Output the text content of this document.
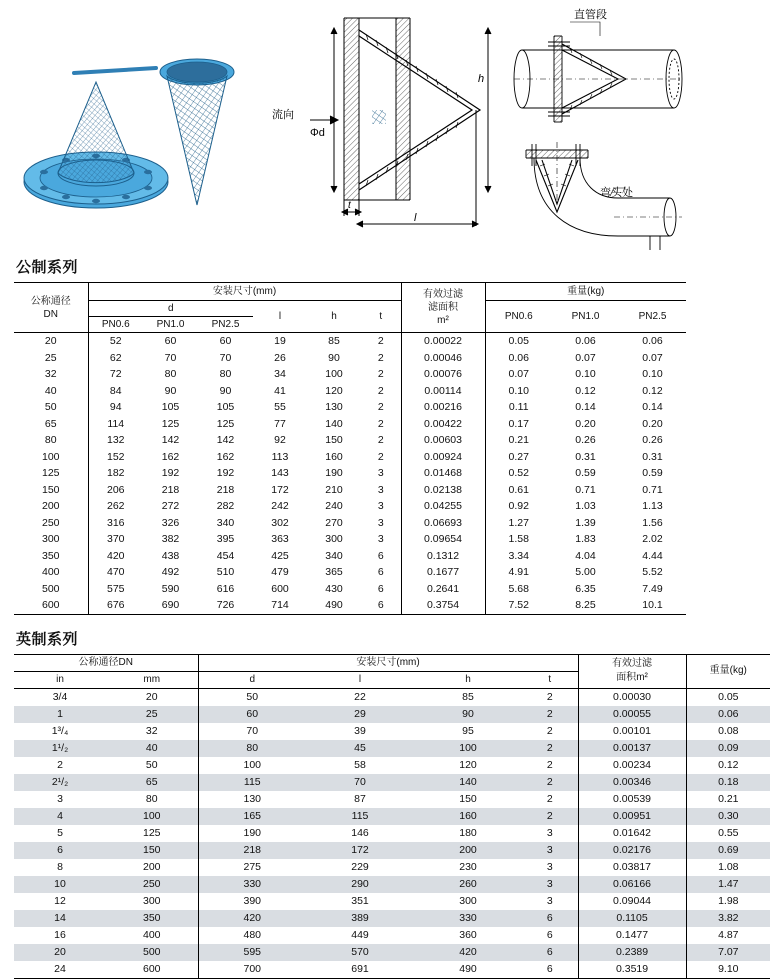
流向
Φd
h
t
l
直管段
弯头处
公制系列
公称通径
DN
	安装尺寸(mm)	有效过滤
滤面积
m²
	重量(kg)
	d			l	h	t		PN0.6	PN1.0	PN2.5
	PN0.6	PN1.0	PN2.5							

20	52	60	60	19	85	2	0.00022	0.05	0.06	0.06
25	62	70	70	26	90	2	0.00046	0.06	0.07	0.07
32	72	80	80	34	100	2	0.00076	0.07	0.10	0.10
40	84	90	90	41	120	2	0.00114	0.10	0.12	0.12
50	94	105	105	55	130	2	0.00216	0.11	0.14	0.14
65	114	125	125	77	140	2	0.00422	0.17	0.20	0.20
80	132	142	142	92	150	2	0.00603	0.21	0.26	0.26
100	152	162	162	113	160	2	0.00924	0.27	0.31	0.31
125	182	192	192	143	190	3	0.01468	0.52	0.59	0.59
150	206	218	218	172	210	3	0.02138	0.61	0.71	0.71
200	262	272	282	242	240	3	0.04255	0.92	1.03	1.13
250	316	326	340	302	270	3	0.06693	1.27	1.39	1.56
300	370	382	395	363	300	3	0.09654	1.58	1.83	2.02
350	420	438	454	425	340	6	0.1312	3.34	4.04	4.44
400	470	492	510	479	365	6	0.1677	4.91	5.00	5.52
500	575	590	616	600	430	6	0.2641	5.68	6.35	7.49
600	676	690	726	714	490	6	0.3754	7.52	8.25	10.1
英制系列
公称通径DN		安装尺寸(mm)				有效过滤
面积m²	重量(kg)
in	mm	d	l	h	t		

3/4	20	50	22	85	2	0.00030	0.05
1	25	60	29	90	2	0.00055	0.06
1³/₄	32	70	39	95	2	0.00101	0.08
1¹/₂	40	80	45	100	2	0.00137	0.09
2	50	100	58	120	2	0.00234	0.12
2¹/₂	65	115	70	140	2	0.00346	0.18
3	80	130	87	150	2	0.00539	0.21
4	100	165	115	160	2	0.00951	0.30
5	125	190	146	180	3	0.01642	0.55
6	150	218	172	200	3	0.02176	0.69
8	200	275	229	230	3	0.03817	1.08
10	250	330	290	260	3	0.06166	1.47
12	300	390	351	300	3	0.09044	1.98
14	350	420	389	330	6	0.1105	3.82
16	400	480	449	360	6	0.1477	4.87
20	500	595	570	420	6	0.2389	7.07
24	600	700	691	490	6	0.3519	9.10
